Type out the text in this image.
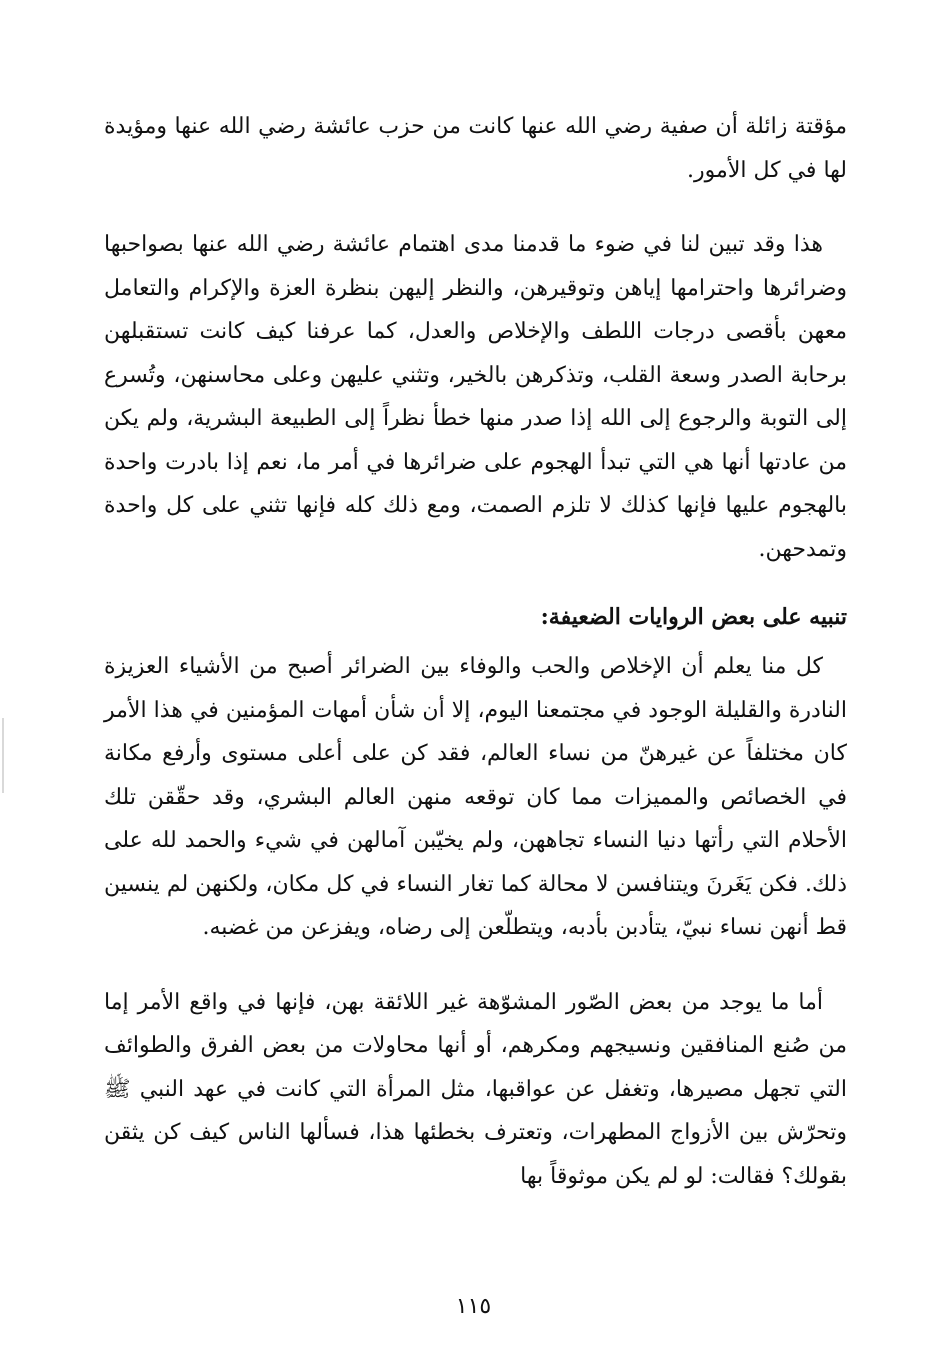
مؤقتة زائلة أن صفية رضي الله عنها كانت من حزب عائشة رضي الله عنها ومؤيدة لها في كل الأمور.

هذا وقد تبين لنا في ضوء ما قدمنا مدى اهتمام عائشة رضي الله عنها بصواحبها وضرائرها واحترامها إياهن وتوقيرهن، والنظر إليهن بنظرة العزة والإكرام والتعامل معهن بأقصى درجات اللطف والإخلاص والعدل، كما عرفنا كيف كانت تستقبلهن برحابة الصدر وسعة القلب، وتذكرهن بالخير، وتثني عليهن وعلى محاسنهن، وتُسرع إلى التوبة والرجوع إلى الله إذا صدر منها خطأ نظراً إلى الطبيعة البشرية، ولم يكن من عادتها أنها هي التي تبدأ الهجوم على ضرائرها في أمر ما، نعم إذا بادرت واحدة بالهجوم عليها فإنها كذلك لا تلزم الصمت، ومع ذلك كله فإنها تثني على كل واحدة وتمدحهن.

تنبيه على بعض الروايات الضعيفة:

كل منا يعلم أن الإخلاص والحب والوفاء بين الضرائر أصبح من الأشياء العزيزة النادرة والقليلة الوجود في مجتمعنا اليوم، إلا أن شأن أمهات المؤمنين في هذا الأمر كان مختلفاً عن غيرهنّ من نساء العالم، فقد كن على أعلى مستوى وأرفع مكانة في الخصائص والمميزات مما كان توقعه منهن العالم البشري، وقد حقّقن تلك الأحلام التي رأتها دنيا النساء تجاههن، ولم يخيّبن آمالهن في شيء والحمد لله على ذلك. فكن يَغَرنَ ويتنافسن لا محالة كما تغار النساء في كل مكان، ولكنهن لم ينسين قط أنهن نساء نبيّ، يتأدبن بأدبه، ويتطلّعن إلى رضاه، ويفزعن من غضبه.

أما ما يوجد من بعض الصّور المشوّهة غير اللائقة بهن، فإنها في واقع الأمر إما من صُنع المنافقين ونسيجهم ومكرهم، أو أنها محاولات من بعض الفرق والطوائف التي تجهل مصيرها، وتغفل عن عواقبها، مثل المرأة التي كانت في عهد النبي ﷺ وتحرّش بين الأزواج المطهرات، وتعترف بخطئها هذا، فسألها الناس كيف كن يثقن بقولك؟ فقالت: لو لم يكن موثوقاً بها

١١٥
